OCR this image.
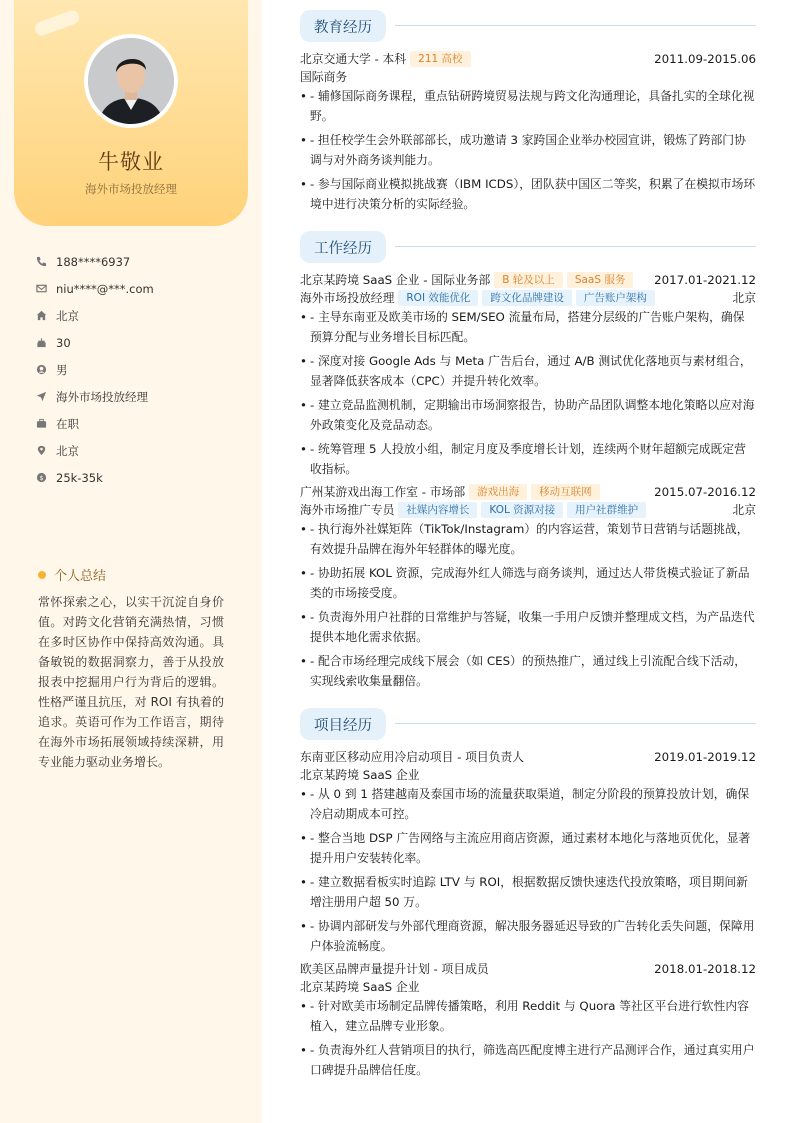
牛敬业
海外市场投放经理
188****6937
niu****@***.com
北京
30
男
海外市场投放经理
在职
北京
$ 25k-35k
个人总结
常怀探索之心，以实干沉淀自身价值。对跨文化营销充满热情，习惯在多时区协作中保持高效沟通。具备敏锐的数据洞察力，善于从投放报表中挖掘用户行为背后的逻辑。性格严谨且抗压，对 ROI 有执着的追求。英语可作为工作语言，期待在海外市场拓展领域持续深耕，用专业能力驱动业务增长。
教育经历
北京交通大学 - 本科 211 高校	2011.09-2015.06
国际商务
• - 辅修国际商务课程，重点钻研跨境贸易法规与跨文化沟通理论，具备扎实的全球化视野。
• - 担任校学生会外联部部长，成功邀请 3 家跨国企业举办校园宣讲，锻炼了跨部门协调与对外商务谈判能力。
• - 参与国际商业模拟挑战赛（IBM ICDS），团队获中国区二等奖，积累了在模拟市场环境中进行决策分析的实际经验。
工作经历
北京某跨境 SaaS 企业 - 国际业务部 B 轮及以上 SaaS 服务 2017.01-2021.12
海外市场投放经理 ROI 效能优化 跨文化品牌建设 广告账户架构	北京
• - 主导东南亚及欧美市场的 SEM/SEO 流量布局，搭建分层级的广告账户架构，确保预算分配与业务增长目标匹配。
• - 深度对接 Google Ads 与 Meta 广告后台，通过 A/B 测试优化落地页与素材组合，显著降低获客成本（CPC）并提升转化效率。
• - 建立竞品监测机制，定期输出市场洞察报告，协助产品团队调整本地化策略以应对海外政策变化及竞品动态。
• - 统筹管理 5 人投放小组，制定月度及季度增长计划，连续两个财年超额完成既定营收指标。
广州某游戏出海工作室 - 市场部 游戏出海 移动互联网	2015.07-2016.12
海外市场推广专员 社媒内容增长 KOL 资源对接 用户社群维护	北京
• - 执行海外社媒矩阵（TikTok/Instagram）的内容运营，策划节日营销与话题挑战，有效提升品牌在海外年轻群体的曝光度。
• - 协助拓展 KOL 资源，完成海外红人筛选与商务谈判，通过达人带货模式验证了新品类的市场接受度。
• - 负责海外用户社群的日常维护与答疑，收集一手用户反馈并整理成文档，为产品迭代提供本地化需求依据。
• - 配合市场经理完成线下展会（如 CES）的预热推广，通过线上引流配合线下活动，实现线索收集量翻倍。
项目经历
东南亚区移动应用冷启动项目 - 项目负责人	2019.01-2019.12
北京某跨境 SaaS 企业
• - 从 0 到 1 搭建越南及泰国市场的流量获取渠道，制定分阶段的预算投放计划，确保冷启动期成本可控。
• - 整合当地 DSP 广告网络与主流应用商店资源，通过素材本地化与落地页优化，显著提升用户安装转化率。
• - 建立数据看板实时追踪 LTV 与 ROI，根据数据反馈快速迭代投放策略，项目期间新增注册用户超 50 万。
• - 协调内部研发与外部代理商资源，解决服务器延迟导致的广告转化丢失问题，保障用户体验流畅度。
欧美区品牌声量提升计划 - 项目成员	2018.01-2018.12
北京某跨境 SaaS 企业
• - 针对欧美市场制定品牌传播策略，利用 Reddit 与 Quora 等社区平台进行软性内容植入，建立品牌专业形象。
• - 负责海外红人营销项目的执行，筛选高匹配度博主进行产品测评合作，通过真实用户口碑提升品牌信任度。
